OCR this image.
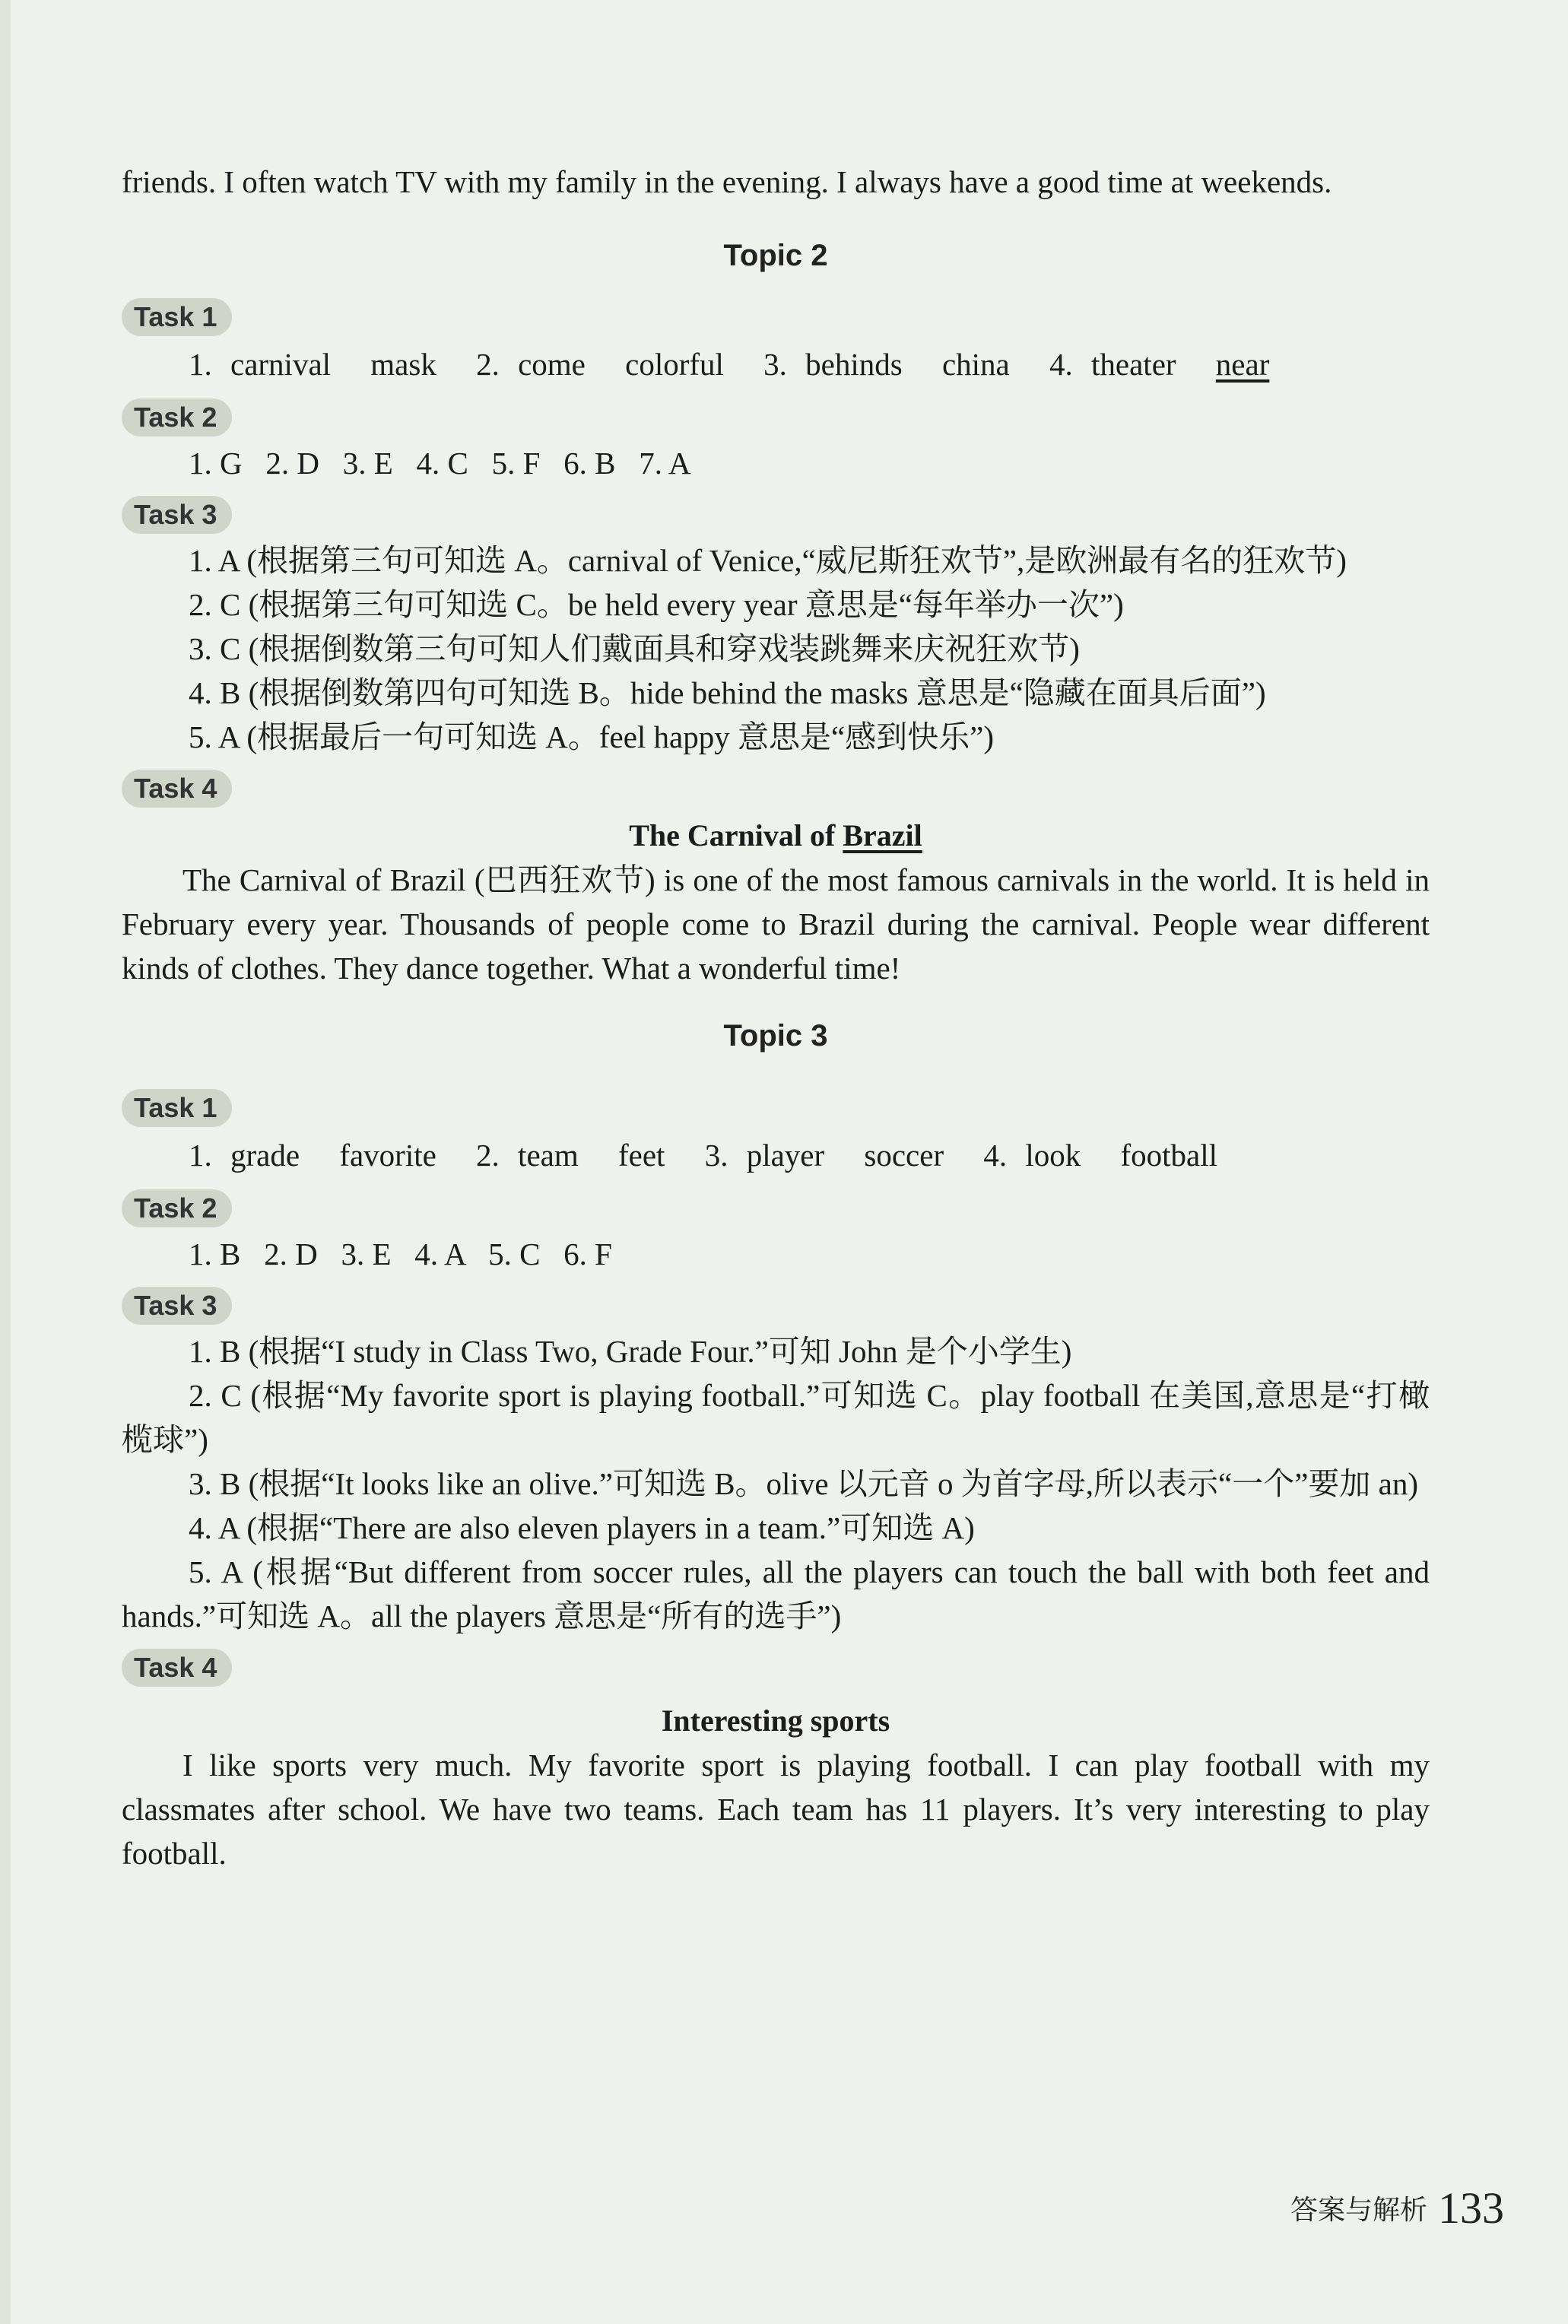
friends. I often watch TV with my family in the evening. I always have a good time at weekends.

Topic 2
Task 1
1. carnival mask 2. come colorful 3. behinds china 4. theater near
Task 2
1. G   2. D   3. E   4. C   5. F   6. B   7. A
Task 3

1. A (根据第三句可知选 A。carnival of Venice,“威尼斯狂欢节”,是欧洲最有名的狂欢节)

2. C (根据第三句可知选 C。be held every year 意思是“每年举办一次”)

3. C (根据倒数第三句可知人们戴面具和穿戏装跳舞来庆祝狂欢节)

4. B (根据倒数第四句可知选 B。hide behind the masks 意思是“隐藏在面具后面”)

5. A (根据最后一句可知选 A。feel happy 意思是“感到快乐”)

Task 4
The Carnival of Brazil

The Carnival of Brazil (巴西狂欢节) is one of the most famous carnivals in the world. It is held in February every year. Thousands of people come to Brazil during the carnival. People wear different kinds of clothes. They dance together. What a wonderful time!

Topic 3
Task 1
1. grade favorite 2. team feet 3. player soccer 4. look football
Task 2
1. B   2. D   3. E   4. A   5. C   6. F
Task 3

1. B (根据“I study in Class Two, Grade Four.”可知 John 是个小学生)

2. C (根据“My favorite sport is playing football.”可知选 C。play football 在美国,意思是“打橄榄球”)

3. B (根据“It looks like an olive.”可知选 B。olive 以元音 o 为首字母,所以表示“一个”要加 an)

4. A (根据“There are also eleven players in a team.”可知选 A)

5. A (根据“But different from soccer rules, all the players can touch the ball with both feet and hands.”可知选 A。all the players 意思是“所有的选手”)

Task 4
Interesting sports

I like sports very much. My favorite sport is playing football. I can play football with my classmates after school. We have two teams. Each team has 11 players. It’s very interesting to play football.

答案与解析 133
